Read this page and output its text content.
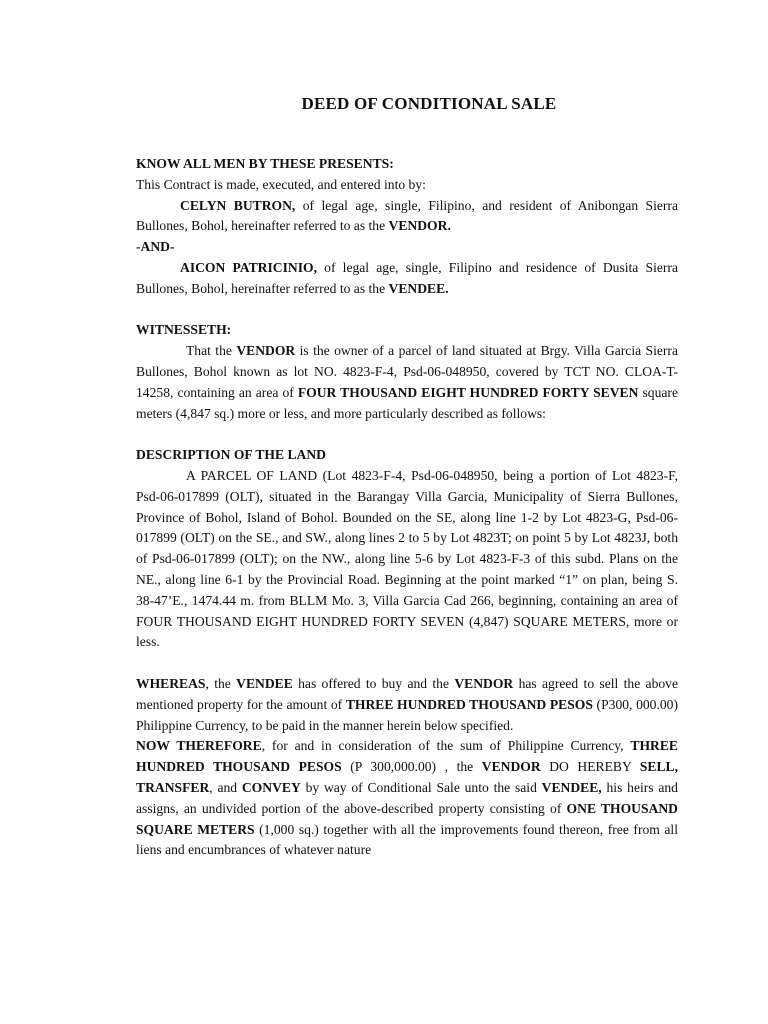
DEED OF CONDITIONAL SALE

KNOW ALL MEN BY THESE PRESENTS:

This Contract is made, executed, and entered into by:

CELYN BUTRON, of legal age, single, Filipino, and resident of Anibongan Sierra Bullones, Bohol, hereinafter referred to as the VENDOR.

-AND-

AICON PATRICINIO, of legal age, single, Filipino and residence of Dusita Sierra Bullones, Bohol, hereinafter referred to as the VENDEE.

WITNESSETH:

That the VENDOR is the owner of a parcel of land situated at Brgy. Villa Garcia Sierra Bullones, Bohol known as lot NO. 4823-F-4, Psd-06-048950, covered by TCT NO. CLOA-T-14258, containing an area of FOUR THOUSAND EIGHT HUNDRED FORTY SEVEN square meters (4,847 sq.) more or less, and more particularly described as follows:

DESCRIPTION OF THE LAND

A PARCEL OF LAND (Lot 4823-F-4, Psd-06-048950, being a portion of Lot 4823-F, Psd-06-017899 (OLT), situated in the Barangay Villa Garcia, Municipality of Sierra Bullones, Province of Bohol, Island of Bohol. Bounded on the SE, along line 1-2 by Lot 4823-G, Psd-06-017899 (OLT) on the SE., and SW., along lines 2 to 5 by Lot 4823T; on point 5 by Lot 4823J, both of Psd-06-017899 (OLT); on the NW., along line 5-6 by Lot 4823-F-3 of this subd. Plans on the NE., along line 6-1 by the Provincial Road. Beginning at the point marked “1” on plan, being S. 38-47’E., 1474.44 m. from BLLM Mo. 3, Villa Garcia Cad 266, beginning, containing an area of FOUR THOUSAND EIGHT HUNDRED FORTY SEVEN (4,847) SQUARE METERS, more or less.

WHEREAS, the VENDEE has offered to buy and the VENDOR has agreed to sell the above mentioned property for the amount of THREE HUNDRED THOUSAND PESOS (P300, 000.00) Philippine Currency, to be paid in the manner herein below specified.

NOW THEREFORE, for and in consideration of the sum of Philippine Currency, THREE HUNDRED THOUSAND PESOS (P 300,000.00) , the VENDOR DO HEREBY SELL, TRANSFER, and CONVEY by way of Conditional Sale unto the said VENDEE, his heirs and assigns, an undivided portion of the above-described property consisting of ONE THOUSAND SQUARE METERS (1,000 sq.) together with all the improvements found thereon, free from all liens and encumbrances of whatever nature
